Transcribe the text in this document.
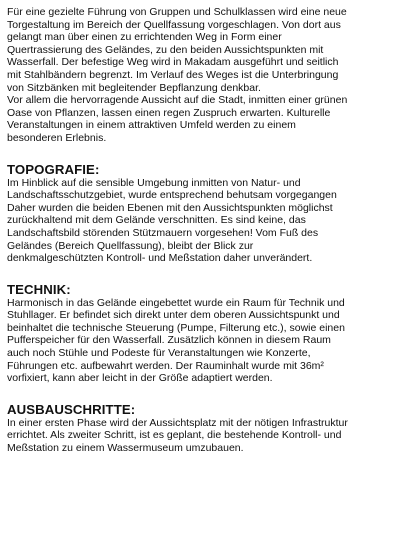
Für eine gezielte Führung von Gruppen und Schulklassen wird eine neue
Torgestaltung im Bereich der Quellfassung vorgeschlagen. Von dort aus
gelangt man über einen zu errichtenden Weg in Form einer
Quertrassierung des Geländes, zu den beiden Aussichtspunkten mit
Wasserfall. Der befestige Weg wird in Makadam ausgeführt und seitlich
mit Stahlbändern begrenzt. Im Verlauf des Weges ist die Unterbringung
von Sitzbänken mit begleitender Bepflanzung denkbar.
Vor allem die hervorragende Aussicht auf die Stadt, inmitten einer grünen
Oase von Pflanzen, lassen einen regen Zuspruch erwarten. Kulturelle
Veranstaltungen in einem attraktiven Umfeld werden zu einem
besonderen Erlebnis.
TOPOGRAFIE:
Im Hinblick auf die sensible Umgebung inmitten von Natur- und
Landschaftsschutzgebiet, wurde entsprechend behutsam vorgegangen
Daher wurden die beiden Ebenen mit den Aussichtspunkten möglichst
zurückhaltend mit dem Gelände verschnitten. Es sind keine, das
Landschaftsbild störenden Stützmauern vorgesehen! Vom Fuß des
Geländes (Bereich Quellfassung), bleibt der Blick zur
denkmalgeschützten Kontroll- und Meßstation daher unverändert.
TECHNIK:
Harmonisch in das Gelände eingebettet wurde ein Raum für Technik und
Stuhllager. Er befindet sich direkt unter dem oberen Aussichtspunkt und
beinhaltet die technische Steuerung (Pumpe, Filterung etc.), sowie einen
Pufferspeicher für den Wasserfall. Zusätzlich können in diesem Raum
auch noch Stühle und Podeste für Veranstaltungen wie Konzerte,
Führungen etc. aufbewahrt werden. Der Rauminhalt wurde mit 36m²
vorfixiert, kann aber leicht in der Größe adaptiert werden.
AUSBAUSCHRITTE:
In einer ersten Phase wird der Aussichtsplatz mit der nötigen Infrastruktur
errichtet. Als zweiter Schritt, ist es geplant, die bestehende Kontroll- und
Meßstation zu einem Wassermuseum umzubauen.
